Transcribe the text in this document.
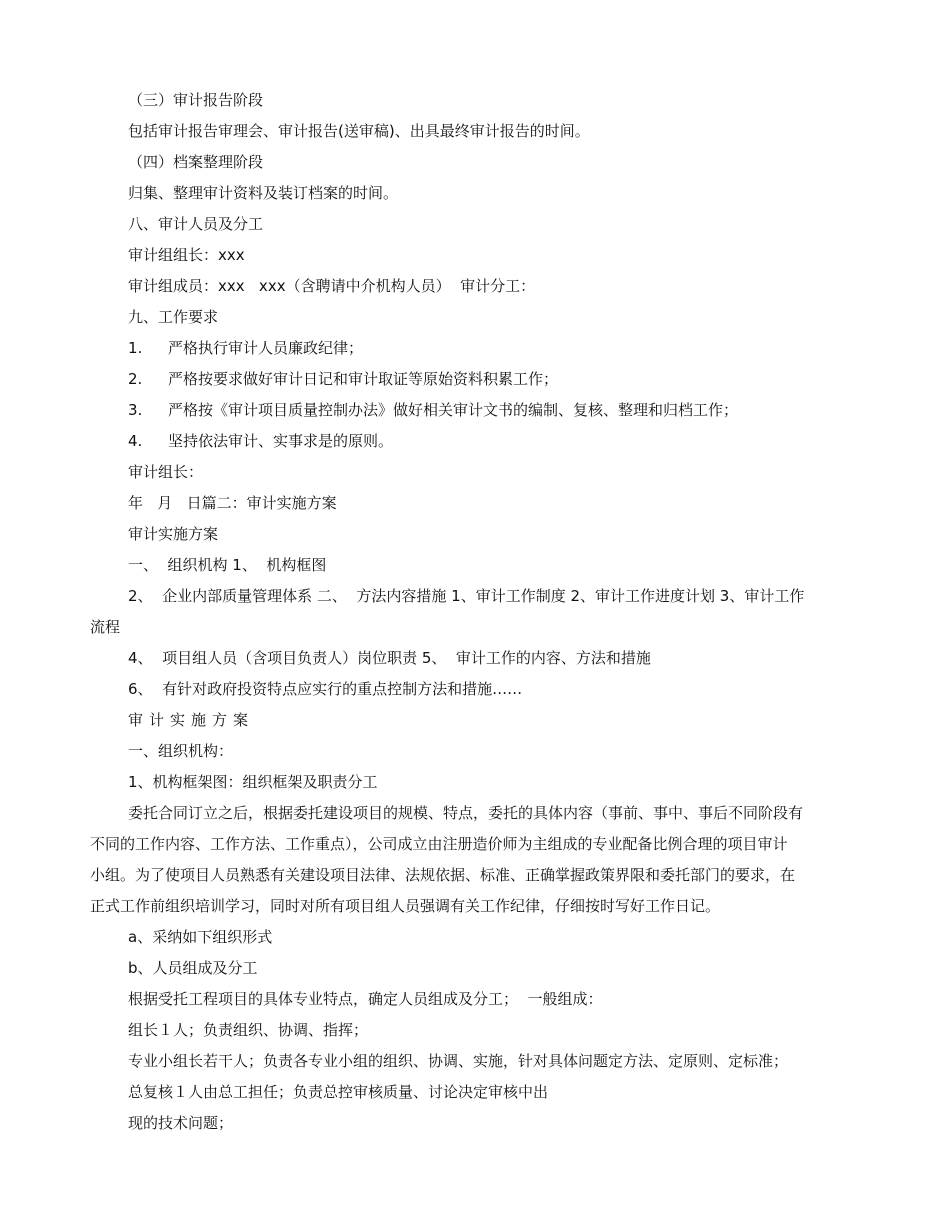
（三）审计报告阶段
包括审计报告审理会、审计报告(送审稿)、出具最终审计报告的时间。
（四）档案整理阶段
归集、整理审计资料及装订档案的时间。
八、审计人员及分工
审计组组长：xxx
审计组成员：xxx   xxx（含聘请中介机构人员）  审计分工：
九、工作要求
1. 严格执行审计人员廉政纪律；
2. 严格按要求做好审计日记和审计取证等原始资料积累工作；
3. 严格按《审计项目质量控制办法》做好相关审计文书的编制、复核、整理和归档工作；
4. 坚持依法审计、实事求是的原则。
审计组长：
年   月   日篇二：审计实施方案
审计实施方案
一、  组织机构 1、  机构框图
2、  企业内部质量管理体系 二、  方法内容措施 1、审计工作制度 2、审计工作进度计划 3、审计工作
流程
4、  项目组人员（含项目负责人）岗位职责 5、  审计工作的内容、方法和措施
6、  有针对政府投资特点应实行的重点控制方法和措施……
审计实施方案
一、组织机构：
1、机构框架图：组织框架及职责分工
委托合同订立之后，根据委托建设项目的规模、特点，委托的具体内容（事前、事中、事后不同阶段有
不同的工作内容、工作方法、工作重点），公司成立由注册造价师为主组成的专业配备比例合理的项目审计
小组。为了使项目人员熟悉有关建设项目法律、法规依据、标准、正确掌握政策界限和委托部门的要求，在
正式工作前组织培训学习，同时对所有项目组人员强调有关工作纪律，仔细按时写好工作日记。
a、采纳如下组织形式
b、人员组成及分工
根据受托工程项目的具体专业特点，确定人员组成及分工；  一般组成：
组长１人；负责组织、协调、指挥；
专业小组长若干人；负责各专业小组的组织、协调、实施，针对具体问题定方法、定原则、定标准；
总复核１人由总工担任；负责总控审核质量、讨论决定审核中出
现的技术问题；
